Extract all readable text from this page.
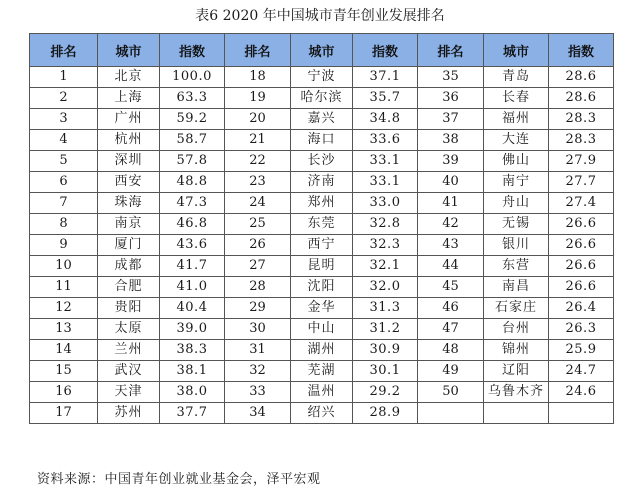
表6 2020 年中国城市青年创业发展排名
排名	城市	指数	排名	城市	指数	排名	城市	指数
1	北京	100.0	18	宁波	37.1	35	青岛	28.6
2	上海	63.3	19	哈尔滨	35.7	36	长春	28.6
3	广州	59.2	20	嘉兴	34.8	37	福州	28.3
4	杭州	58.7	21	海口	33.6	38	大连	28.3
5	深圳	57.8	22	长沙	33.1	39	佛山	27.9
6	西安	48.8	23	济南	33.1	40	南宁	27.7
7	珠海	47.3	24	郑州	33.0	41	舟山	27.4
8	南京	46.8	25	东莞	32.8	42	无锡	26.6
9	厦门	43.6	26	西宁	32.3	43	银川	26.6
10	成都	41.7	27	昆明	32.1	44	东营	26.6
11	合肥	41.0	28	沈阳	32.0	45	南昌	26.6
12	贵阳	40.4	29	金华	31.3	46	石家庄	26.4
13	太原	39.0	30	中山	31.2	47	台州	26.3
14	兰州	38.3	31	湖州	30.9	48	锦州	25.9
15	武汉	38.1	32	芜湖	30.1	49	辽阳	24.7
16	天津	38.0	33	温州	29.2	50	乌鲁木齐	24.6
17	苏州	37.7	34	绍兴	28.9			
资料来源：中国青年创业就业基金会，泽平宏观
